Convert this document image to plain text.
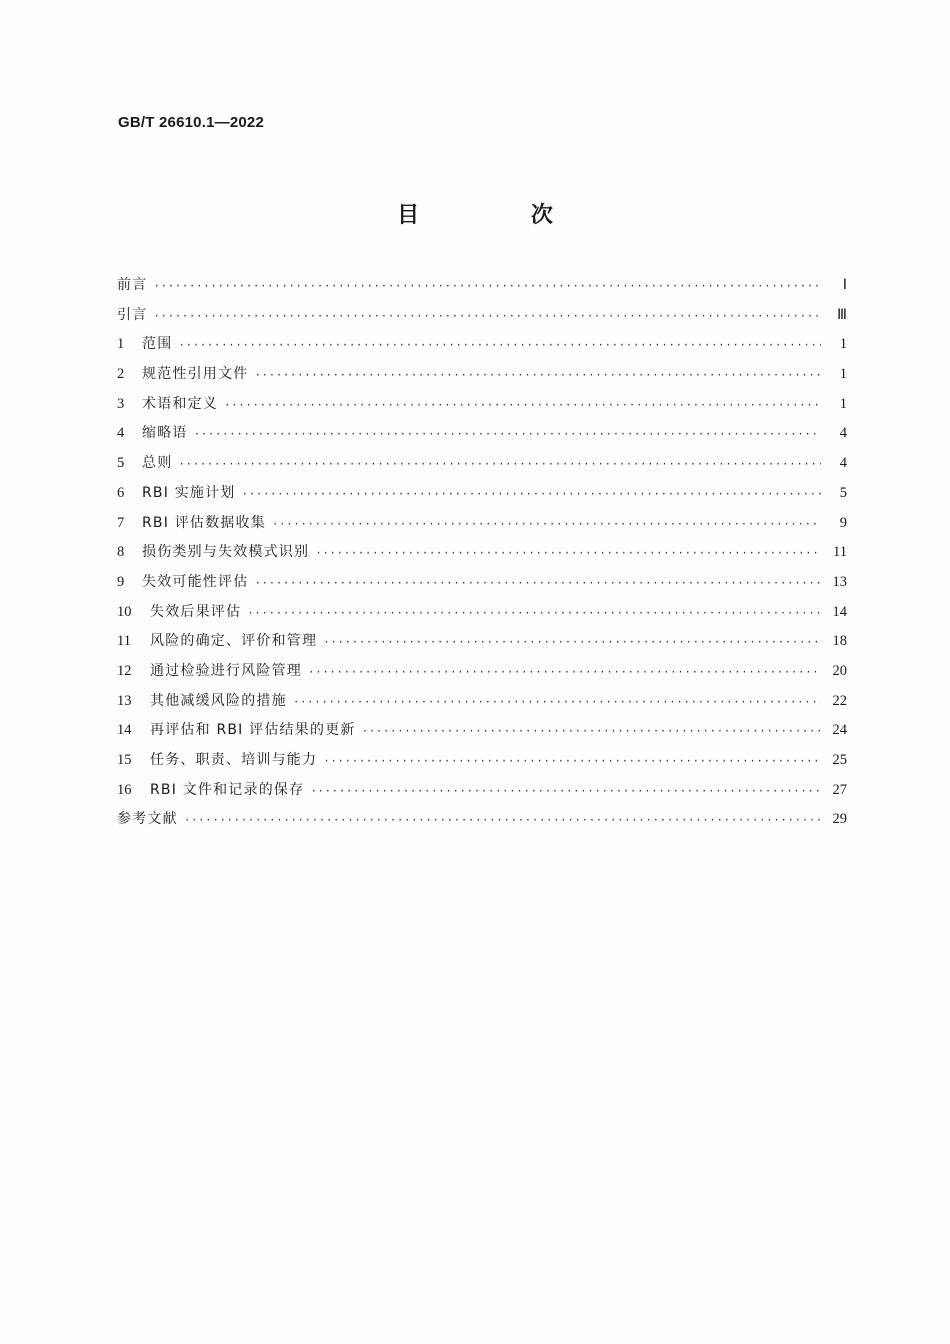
GB/T 26610.1—2022
目 次
前言 ·····	Ⅰ
引言 ·····	Ⅲ
1	范围 ·····	1
2	规范性引用文件 ·····	1
3	术语和定义 ·····	1
4	缩略语 ·····	4
5	总则 ·····	4
6	RBI 实施计划 ·····	5
7	RBI 评估数据收集 ·····	9
8	损伤类别与失效模式识别 ·····	11
9	失效可能性评估 ·····	13
10	失效后果评估 ·····	14
11	风险的确定、评价和管理 ·····	18
12	通过检验进行风险管理 ·····	20
13	其他减缓风险的措施 ·····	22
14	再评估和 RBI 评估结果的更新 ·····	24
15	任务、职责、培训与能力 ·····	25
16	RBI 文件和记录的保存 ·····	27
参考文献 ·····	29
